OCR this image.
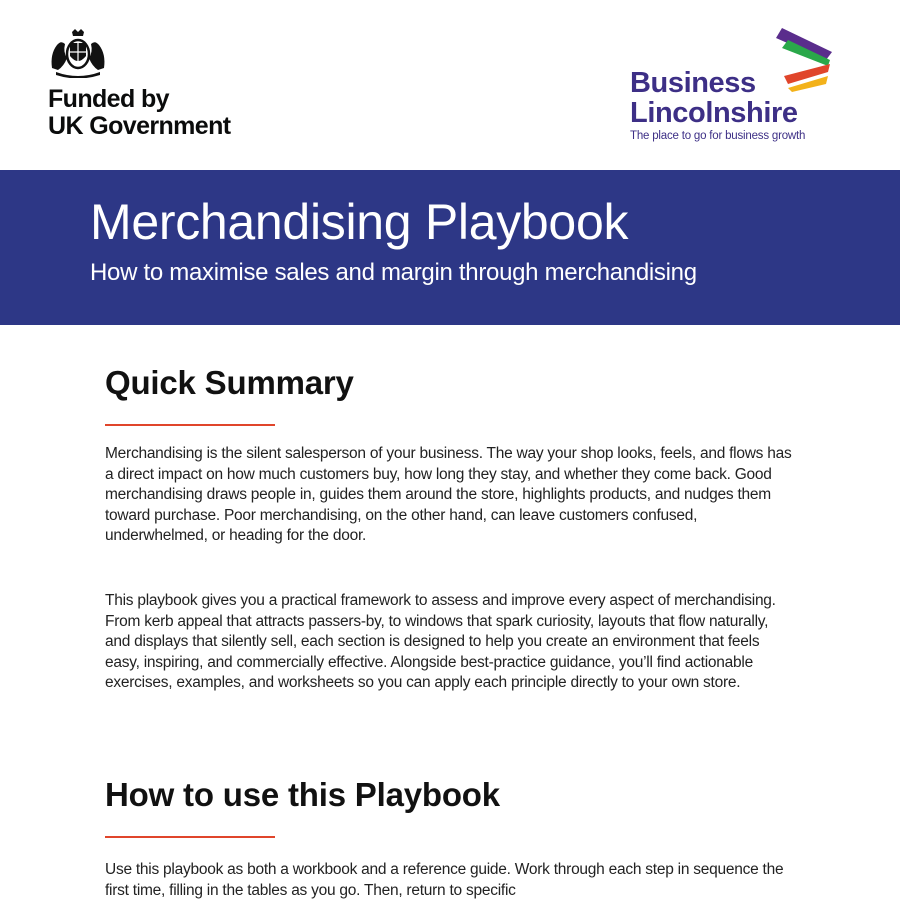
Funded by
UK Government
Business
Lincolnshire
The place to go for business growth
Merchandising Playbook
How to maximise sales and margin through merchandising
Quick Summary

Merchandising is the silent salesperson of your business. The way your shop looks, feels, and flows has a direct impact on how much customers buy, how long they stay, and whether they come back. Good merchandising draws people in, guides them around the store, highlights products, and nudges them toward purchase. Poor merchandising, on the other hand, can leave customers confused, underwhelmed, or heading for the door.

This playbook gives you a practical framework to assess and improve every aspect of merchandising. From kerb appeal that attracts passers-by, to windows that spark curiosity, layouts that flow naturally, and displays that silently sell, each section is designed to help you create an environment that feels easy, inspiring, and commercially effective. Alongside best-practice guidance, you’ll find actionable exercises, examples, and worksheets so you can apply each principle directly to your own store.

How to use this Playbook

Use this playbook as both a workbook and a reference guide. Work through each step in sequence the first time, filling in the tables as you go. Then, return to specific
